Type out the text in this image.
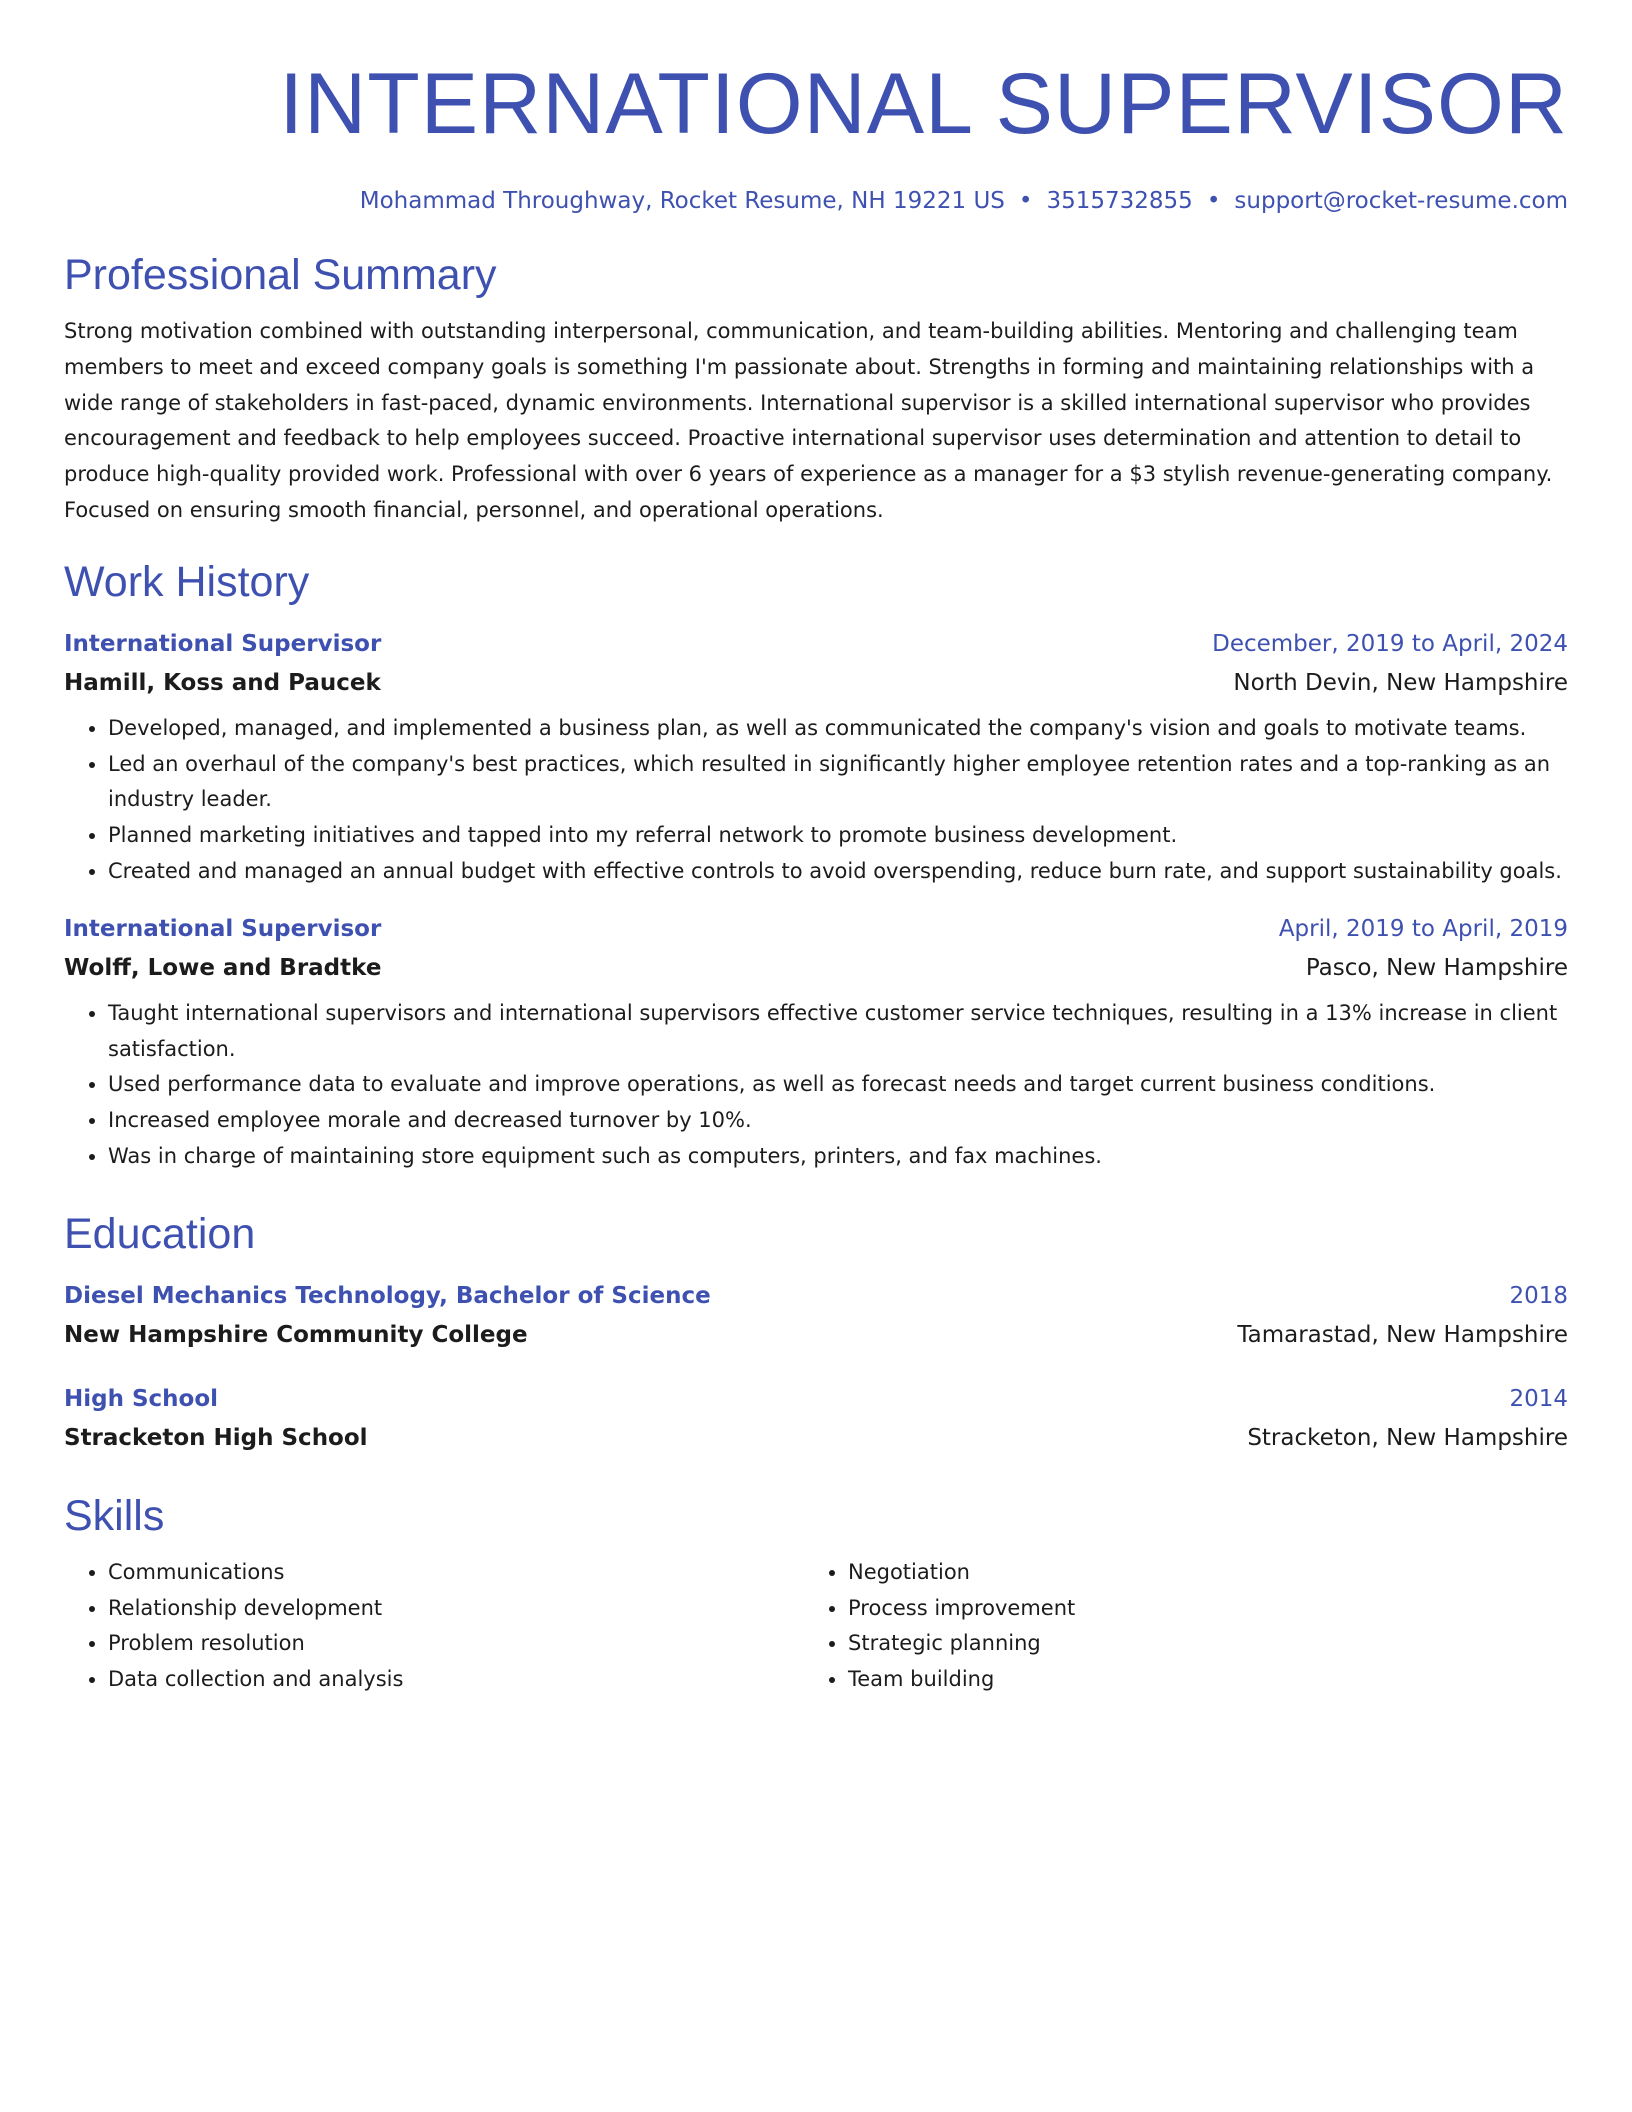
INTERNATIONAL SUPERVISOR
Mohammad Throughway, Rocket Resume, NH 19221 US • 3515732855 • support@rocket-resume.com
Professional Summary
Strong motivation combined with outstanding interpersonal, communication, and team-building abilities. Mentoring and challenging team members to meet and exceed company goals is something I'm passionate about. Strengths in forming and maintaining relationships with a wide range of stakeholders in fast-paced, dynamic environments. International supervisor is a skilled international supervisor who provides encouragement and feedback to help employees succeed. Proactive international supervisor uses determination and attention to detail to produce high-quality provided work. Professional with over 6 years of experience as a manager for a $3 stylish revenue-generating company. Focused on ensuring smooth financial, personnel, and operational operations.
Work History
International Supervisor	December, 2019 to April, 2024
Hamill, Koss and Paucek	North Devin, New Hampshire
• Developed, managed, and implemented a business plan, as well as communicated the company's vision and goals to motivate teams.
• Led an overhaul of the company's best practices, which resulted in significantly higher employee retention rates and a top-ranking as an industry leader.
• Planned marketing initiatives and tapped into my referral network to promote business development.
• Created and managed an annual budget with effective controls to avoid overspending, reduce burn rate, and support sustainability goals.
International Supervisor	April, 2019 to April, 2019
Wolff, Lowe and Bradtke	Pasco, New Hampshire
• Taught international supervisors and international supervisors effective customer service techniques, resulting in a 13% increase in client satisfaction.
• Used performance data to evaluate and improve operations, as well as forecast needs and target current business conditions.
• Increased employee morale and decreased turnover by 10%.
• Was in charge of maintaining store equipment such as computers, printers, and fax machines.
Education
Diesel Mechanics Technology, Bachelor of Science	2018
New Hampshire Community College	Tamarastad, New Hampshire
High School	2014
Stracketon High School	Stracketon, New Hampshire
Skills
• Communications
• Relationship development
• Problem resolution
• Data collection and analysis
• Negotiation
• Process improvement
• Strategic planning
• Team building
